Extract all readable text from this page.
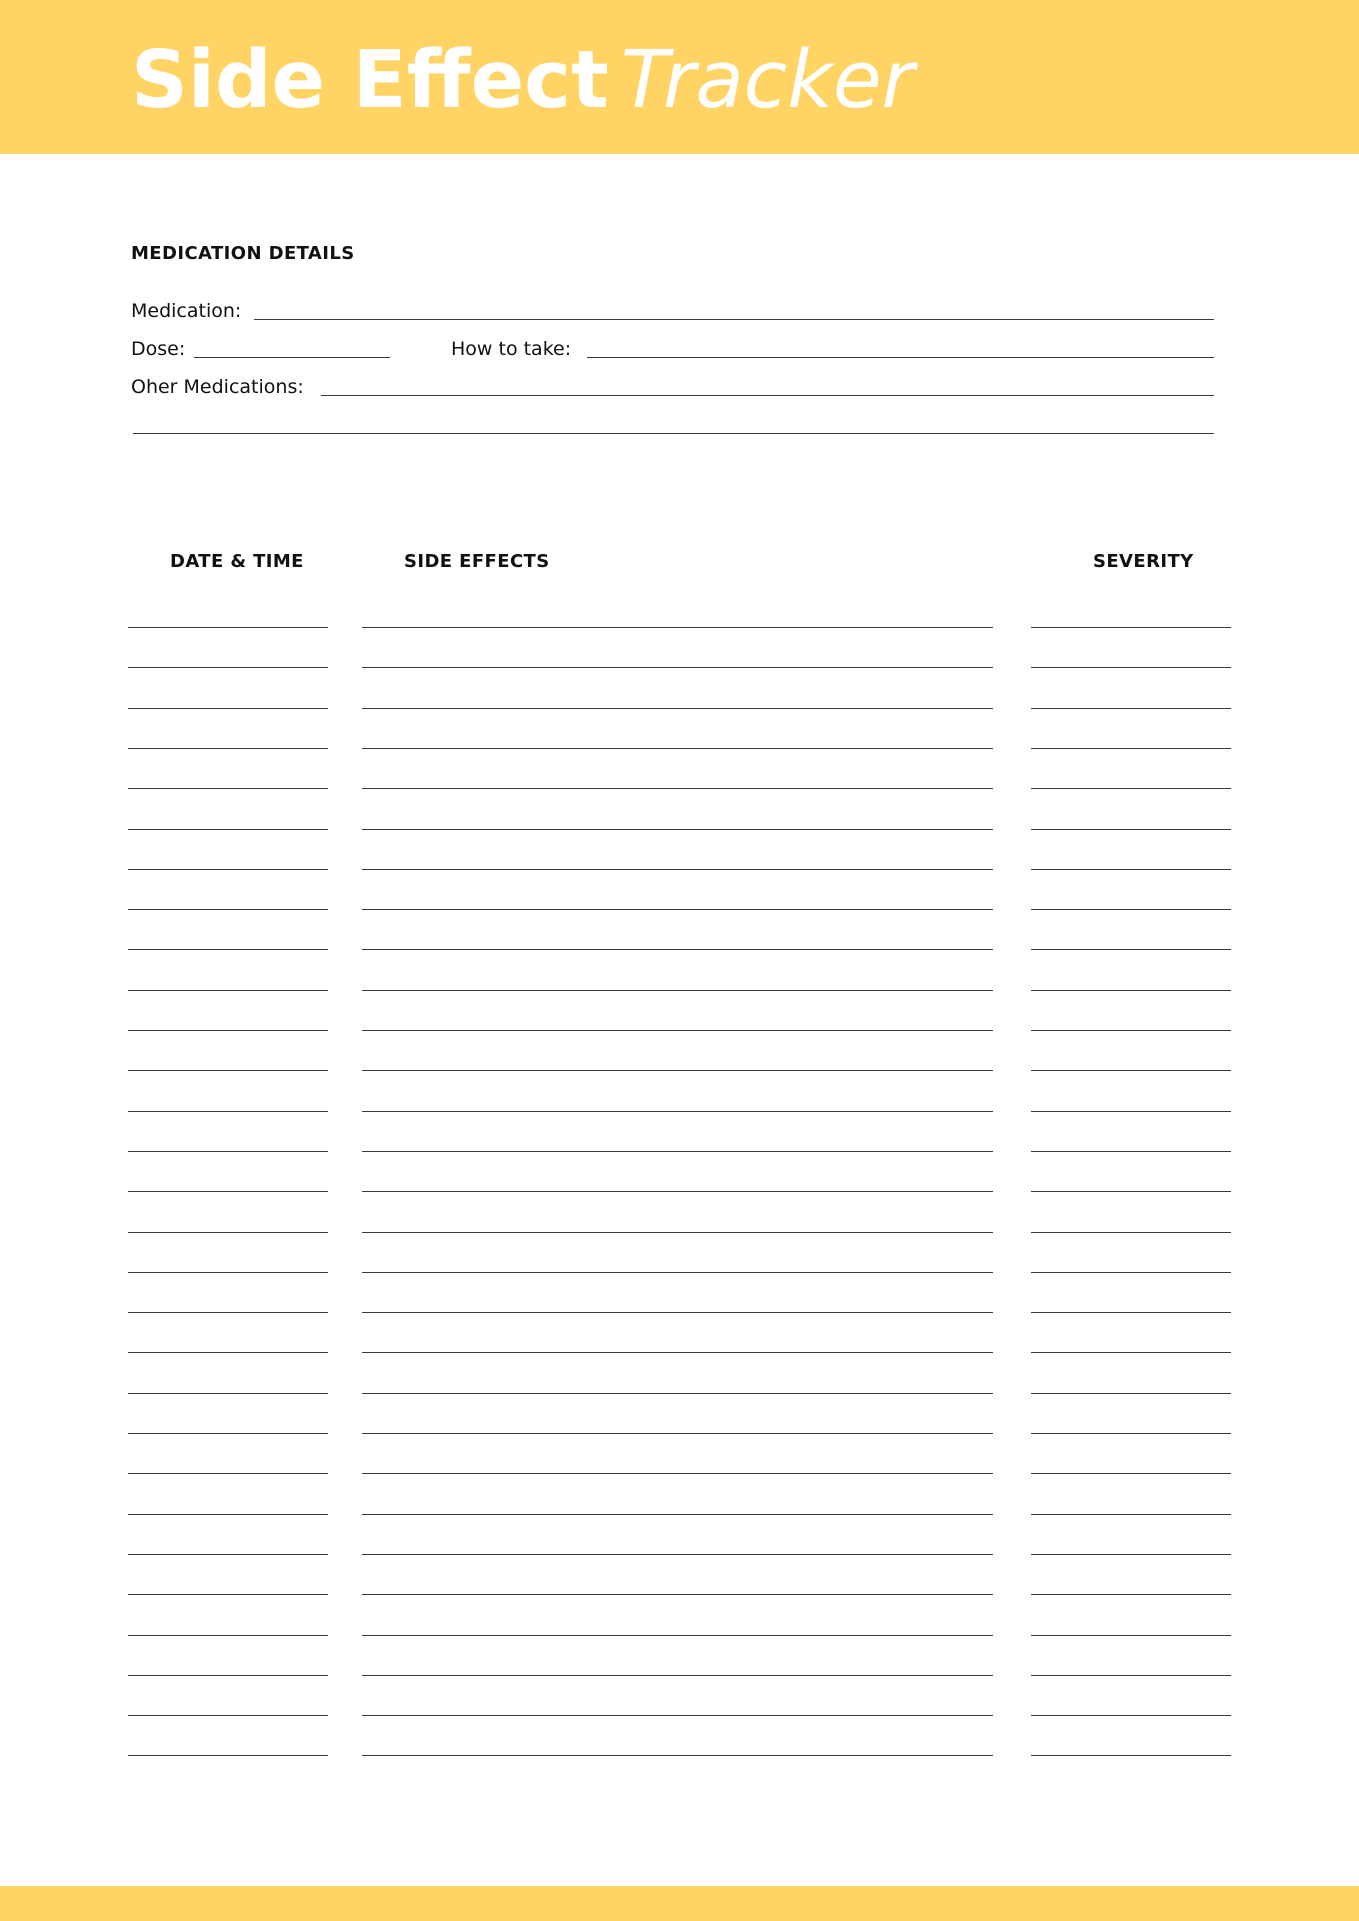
Side Effect Tracker
MEDICATION DETAILS
Medication:
Dose:	How to take:
Oher Medications:
DATE & TIME	SIDE EFFECTS	SEVERITY
